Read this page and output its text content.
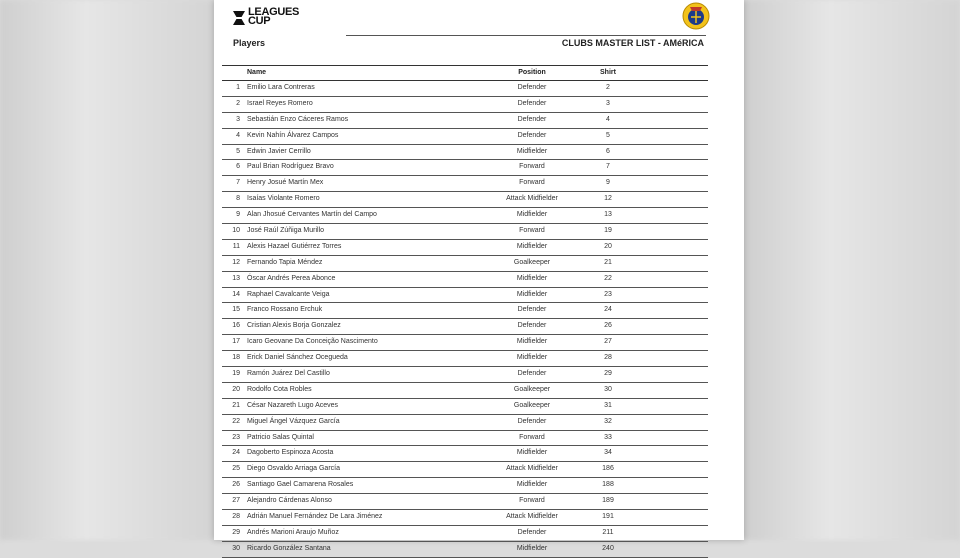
LEAGUES
CUP
Players	CLUBS MASTER LIST - AMéRICA
Name	Position	Shirt
1 Emilio Lara Contreras	Defender	2
2 Israel Reyes Romero	Defender	3
3 Sebastián Enzo Cáceres Ramos	Defender	4
4 Kevin Nahín Álvarez Campos	Defender	5
5 Edwin Javier Cerrillo	Midfielder	6
6 Paul Brian Rodríguez Bravo	Forward	7
7 Henry Josué Martín Mex	Forward	9
8 Isaías Violante Romero	Attack Midfielder	12
9 Alan Jhosué Cervantes Martín del Campo	Midfielder	13
10 José Raúl Zúñiga Murillo	Forward	19
11 Alexis Hazael Gutiérrez Torres	Midfielder	20
12 Fernando Tapia Méndez	Goalkeeper	21
13 Óscar Andrés Perea Abonce	Midfielder	22
14 Raphael Cavalcante Veiga	Midfielder	23
15 Franco Rossano Erchuk	Defender	24
16 Cristian Alexis Borja Gonzalez	Defender	26
17 Icaro Geovane Da Conceição Nascimento	Midfielder	27
18 Erick Daniel Sánchez Ocegueda	Midfielder	28
19 Ramón Juárez Del Castillo	Defender	29
20 Rodolfo Cota Robles	Goalkeeper	30
21 César Nazareth Lugo Aceves	Goalkeeper	31
22 Miguel Ángel Vázquez García	Defender	32
23 Patricio Salas Quintal	Forward	33
24 Dagoberto Espinoza Acosta	Midfielder	34
25 Diego Osvaldo Arriaga García	Attack Midfielder	186
26 Santiago Gael Camarena Rosales	Midfielder	188
27 Alejandro Cárdenas Alonso	Forward	189
28 Adrián Manuel Fernández De Lara Jiménez	Attack Midfielder	191
29 Andrés Marioni Araujo Muñoz	Defender	211
30 Ricardo González Santana	Midfielder	240
